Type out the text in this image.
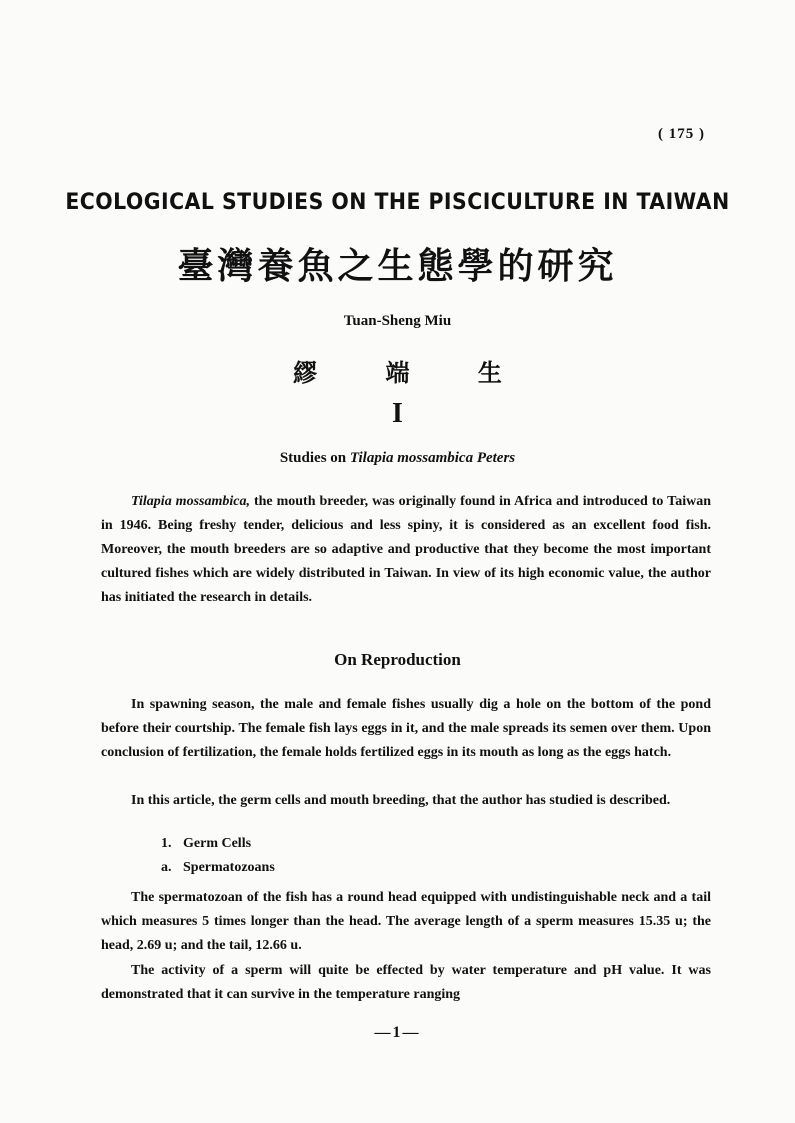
( 175 )
ECOLOGICAL STUDIES ON THE PISCICULTURE IN TAIWAN
臺灣養魚之生態學的研究
Tuan-Sheng Miu
繆 端 生
I
Studies on Tilapia mossambica Peters

Tilapia mossambica, the mouth breeder, was originally found in Africa and introduced to Taiwan in 1946. Being freshy tender, delicious and less spiny, it is considered as an excellent food fish. Moreover, the mouth breeders are so adaptive and productive that they become the most important cultured fishes which are widely distributed in Taiwan. In view of its high economic value, the author has initiated the research in details.

On Reproduction

In spawning season, the male and female fishes usually dig a hole on the bottom of the pond before their courtship. The female fish lays eggs in it, and the male spreads its semen over them. Upon conclusion of fertilization, the female holds fertilized eggs in its mouth as long as the eggs hatch.

In this article, the germ cells and mouth breeding, that the author has studied is described.

1. Germ Cells
a. Spermatozoans

The spermatozoan of the fish has a round head equipped with undistinguishable neck and a tail which measures 5 times longer than the head. The average length of a sperm measures 15.35 u; the head, 2.69 u; and the tail, 12.66 u.

The activity of a sperm will quite be effected by water temperature and pH value. It was demonstrated that it can survive in the temperature ranging

—1—
